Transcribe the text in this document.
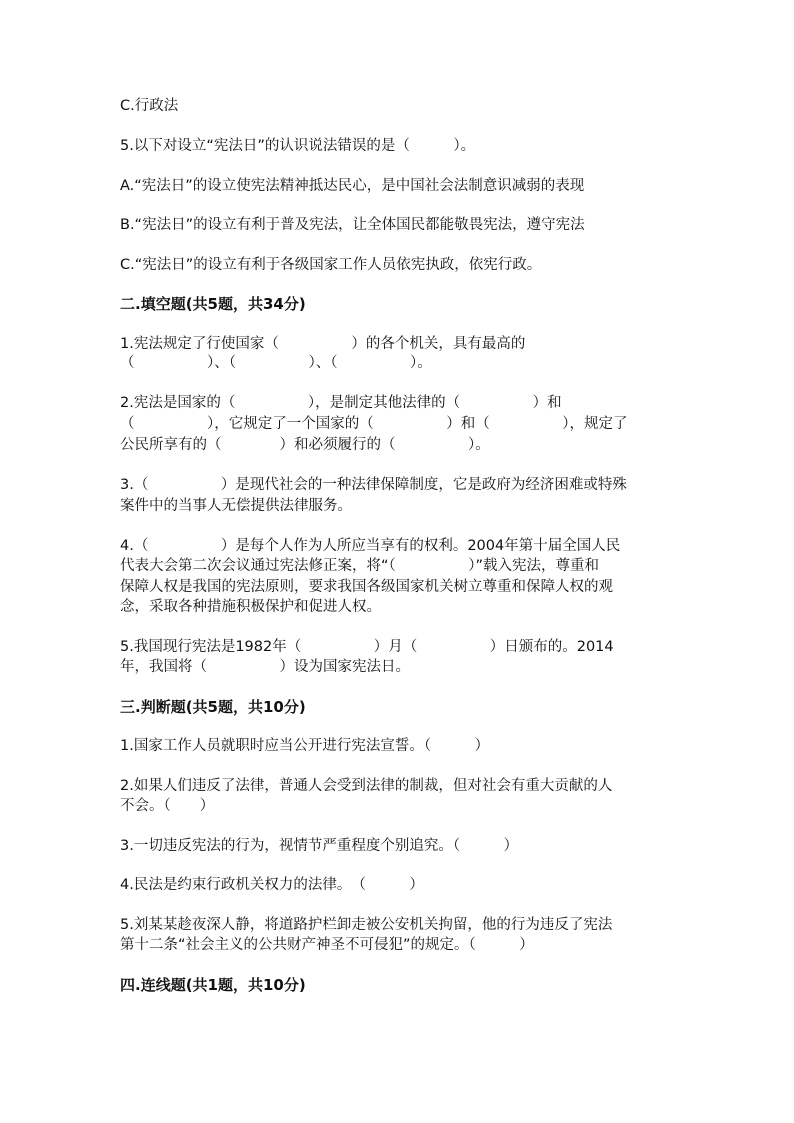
C.行政法
5.以下对设立“宪法日”的认识说法错误的是（　　　）。
A.“宪法日”的设立使宪法精神抵达民心，是中国社会法制意识减弱的表现
B.“宪法日”的设立有利于普及宪法，让全体国民都能敬畏宪法，遵守宪法
C.“宪法日”的设立有利于各级国家工作人员依宪执政，依宪行政。
二.填空题(共5题，共34分)
1.宪法规定了行使国家（　　　　　）的各个机关，具有最高的
（　　　　　）、（　　　　　）、（　　　　　）。
2.宪法是国家的（　　　　　），是制定其他法律的（　　　　　）和
（　　　　　），它规定了一个国家的（　　　　　）和（　　　　　），规定了
公民所享有的（　　　　）和必须履行的（　　　　　）。
3.（　　　　　）是现代社会的一种法律保障制度，它是政府为经济困难或特殊
案件中的当事人无偿提供法律服务。
4.（　　　　　）是每个人作为人所应当享有的权利。2004年第十届全国人民
代表大会第二次会议通过宪法修正案，将“（　　　　　）”载入宪法，尊重和
保障人权是我国的宪法原则，要求我国各级国家机关树立尊重和保障人权的观
念，采取各种措施积极保护和促进人权。
5.我国现行宪法是1982年（　　　　　）月（　　　　　）日颁布的。2014
年，我国将（　　　　　）设为国家宪法日。
三.判断题(共5题，共10分)
1.国家工作人员就职时应当公开进行宪法宣誓。（　　　）
2.如果人们违反了法律，普通人会受到法律的制裁，但对社会有重大贡献的人
不会。（　　）
3.一切违反宪法的行为，视情节严重程度个别追究。（　　　）
4.民法是约束行政机关权力的法律。　（　　　）
5.刘某某趁夜深人静，将道路护栏卸走被公安机关拘留，他的行为违反了宪法
第十二条“社会主义的公共财产神圣不可侵犯”的规定。（　　　）
四.连线题(共1题，共10分)
